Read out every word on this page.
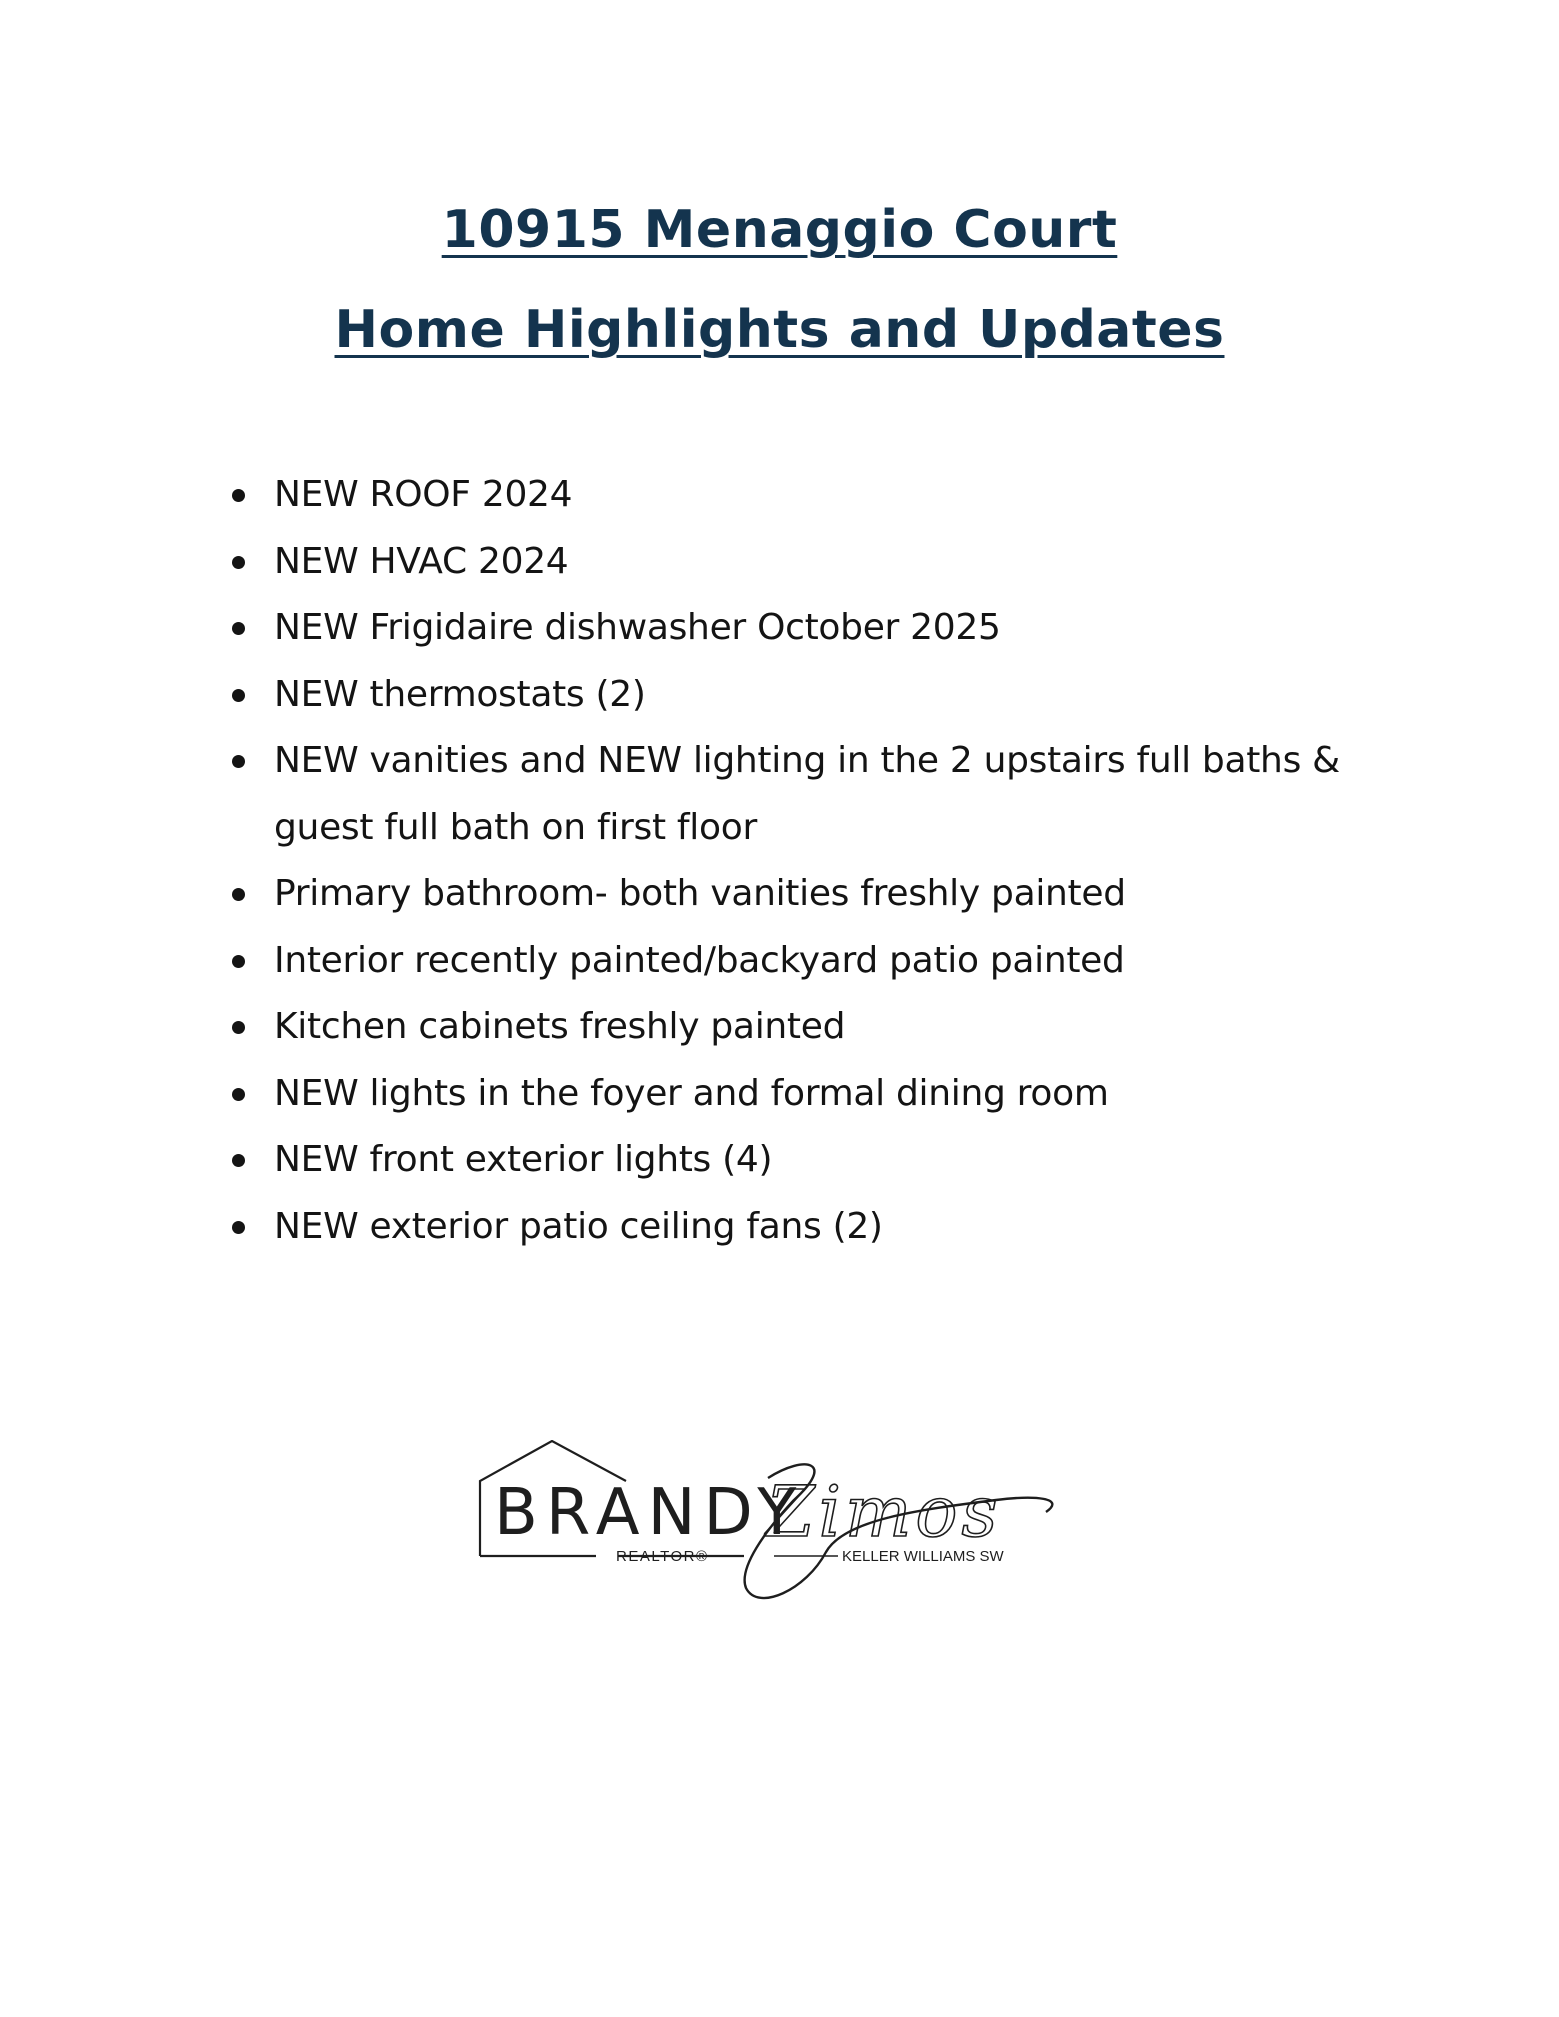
10915 Menaggio Court
Home Highlights and Updates
NEW ROOF 2024
NEW HVAC 2024
NEW Frigidaire dishwasher October 2025
NEW thermostats (2)
NEW vanities and NEW lighting in the 2 upstairs full baths & guest full bath on first floor
Primary bathroom- both vanities freshly painted
Interior recently painted/backyard patio painted
Kitchen cabinets freshly painted
NEW lights in the foyer and formal dining room
NEW front exterior lights (4)
NEW exterior patio ceiling fans (2)
BRANDY
Zimos
REALTOR®	KELLER WILLIAMS SW
